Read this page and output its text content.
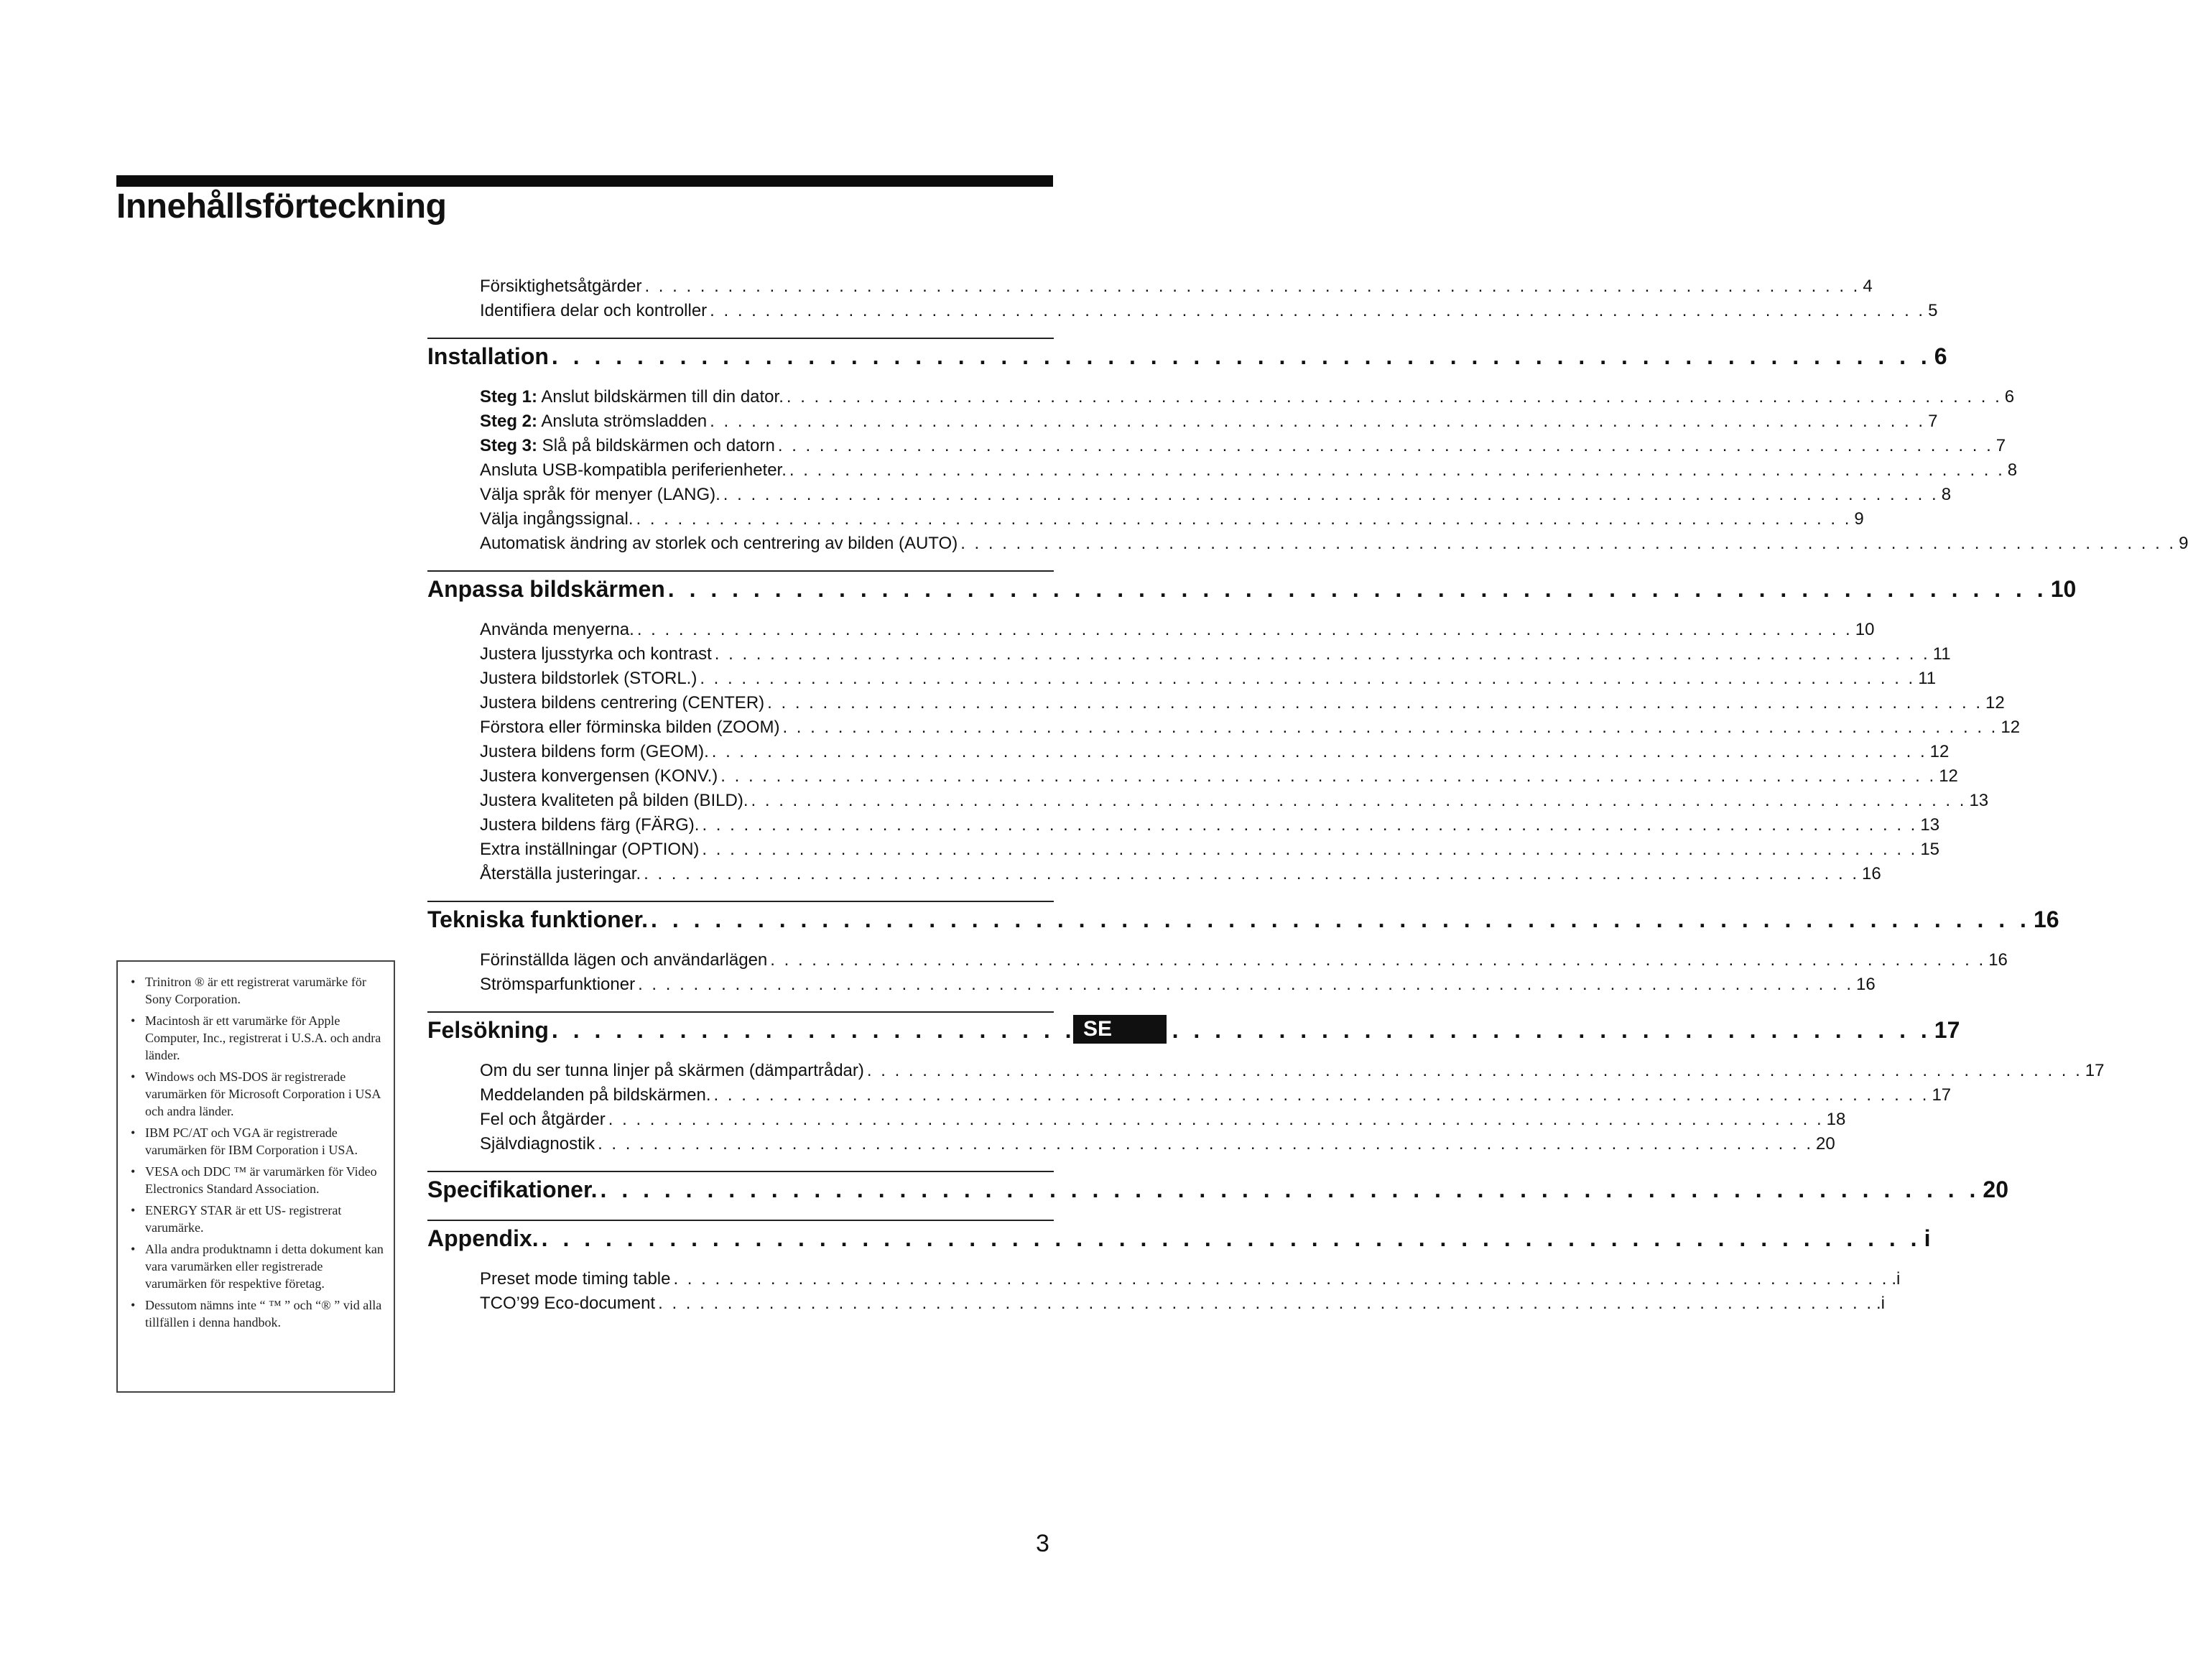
Innehållsförteckning
Försiktighetsåtgärder . . .	4
Identifiera delar och kontroller . . .	5
Installation . . .	6
Steg 1: Anslut bildskärmen till din dator. . . .	6
Steg 2: Ansluta strömsladden . . .	7
Steg 3: Slå på bildskärmen och datorn . . .	7
Ansluta USB-kompatibla periferienheter. . . .	8
Välja språk för menyer (LANG). . . .	8
Välja ingångssignal. . . .	9
Automatisk ändring av storlek och centrering av bilden (AUTO) . . .	9
Anpassa bildskärmen . . .	10
Använda menyerna. . . .	10
Justera ljusstyrka och kontrast . . .	11
Justera bildstorlek (STORL.) . . .	11
Justera bildens centrering (CENTER) . . .	12
Förstora eller förminska bilden (ZOOM) . . .	12
Justera bildens form (GEOM). . . .	12
Justera konvergensen (KONV.) . . .	12
Justera kvaliteten på bilden (BILD). . . .	13
Justera bildens färg (FÄRG). . . .	13
Extra inställningar (OPTION) . . .	15
Återställa justeringar. . . .	16
Tekniska funktioner. . . .	16
Förinställda lägen och användarlägen . . .	16
Strömsparfunktioner . . .	16
Felsökning . . .	17
Om du ser tunna linjer på skärmen (dämpartrådar) . . .	17
Meddelanden på bildskärmen. . . .	17
Fel och åtgärder . . .	18
Självdiagnostik . . .	20
Specifikationer. . . .	20
Appendix. . . .	i
Preset mode timing table . . .	.i
TCO’99 Eco-document . . .	.i
• Trinitron ® är ett registrerat varumärke för Sony Corporation.
• Macintosh är ett varumärke för Apple Computer, Inc., registrerat i U.S.A. och andra länder.
• Windows och MS-DOS är registrerade varumärken för Microsoft Corporation i USA och andra länder.
• IBM PC/AT och VGA är registrerade varumärken för IBM Corporation i USA.
• VESA och DDC ™ är varumärken för Video Electronics Standard Association.
• ENERGY STAR är ett US- registrerat varumärke.
• Alla andra produktnamn i detta dokument kan vara varumärken eller registrerade varumärken för respektive företag.
• Dessutom nämns inte “ ™ ” och “® ” vid alla tillfällen i denna handbok.
SE
3
